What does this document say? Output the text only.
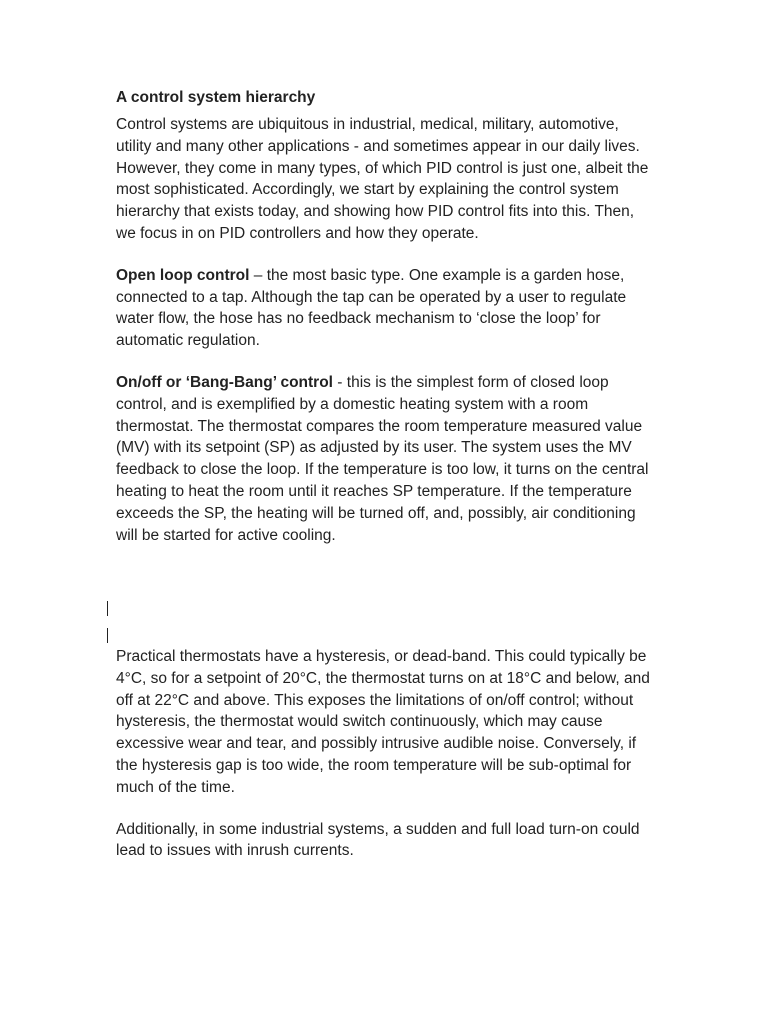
A control system hierarchy

Control systems are ubiquitous in industrial, medical, military, automotive, utility and many other applications - and sometimes appear in our daily lives. However, they come in many types, of which PID control is just one, albeit the most sophisticated. Accordingly, we start by explaining the control system hierarchy that exists today, and showing how PID control fits into this. Then, we focus in on PID controllers and how they operate.

Open loop control – the most basic type. One example is a garden hose, connected to a tap. Although the tap can be operated by a user to regulate water flow, the hose has no feedback mechanism to ‘close the loop’ for automatic regulation.

On/off or ‘Bang-Bang’ control - this is the simplest form of closed loop control, and is exemplified by a domestic heating system with a room thermostat. The thermostat compares the room temperature measured value (MV) with its setpoint (SP) as adjusted by its user. The system uses the MV feedback to close the loop. If the temperature is too low, it turns on the central heating to heat the room until it reaches SP temperature. If the temperature exceeds the SP, the heating will be turned off, and, possibly, air conditioning will be started for active cooling.

Practical thermostats have a hysteresis, or dead-band. This could typically be 4°C, so for a setpoint of 20°C, the thermostat turns on at 18°C and below, and off at 22°C and above. This exposes the limitations of on/off control; without hysteresis, the thermostat would switch continuously, which may cause excessive wear and tear, and possibly intrusive audible noise. Conversely, if the hysteresis gap is too wide, the room temperature will be sub-optimal for much of the time.

Additionally, in some industrial systems, a sudden and full load turn-on could lead to issues with inrush currents.
